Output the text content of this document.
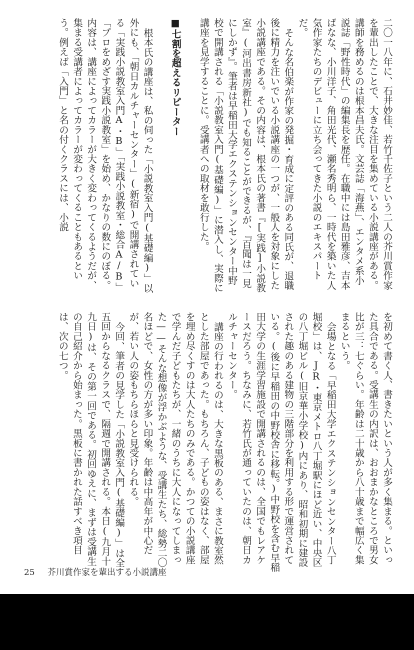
二〇一八年に、石井妙佳、若竹千佐子という二人の芥川賞作家を輩出したことで、大きな注目を集めている小説講座がある。講師を務めるのは根本昌夫氏。文芸誌「海燕」、エンタメ系小説誌「野性時代」の編集長を歴任。在職中には島田雅彦、吉本ばなな、小川洋子、角田光代、瀬名秀明ら、一時代を築いた人気作家たちのデビューに立ち会ってきた小説のエキスパートだ。

そんな名伯楽が作家の発掘・育成に定評のある同氏が、退職後に精力を注いでいる小説講座の一つが、一般人を対象にした小説講座である。その内容は、根本氏の著書『[実践]小説教室』(河出書房新社)でも知ることができるが、『百聞は一見にしかず』。筆者は早稲田大学エクステンションセンター中野校で開講される「小説教室入門(基礎編)」に潜入し、実際に講座を見学することに。受講者への取材を敢行した。

■七割を超えるリピーター

根本氏の講座は、私の伺った「小説教室入門(基礎編)」以外にも、「朝日カルチャーセンター」(新宿)で開講されている「実践小説教室入門A・B」「実践小説教室・総合A/B」「プロをめざす実践小説教室」を始め、かなりの数にのぼる。内容は、講座によってカラーが大きく変わってくるようだが、集まる受講者によってカラーが変わってくることもあるという。例えば「入門」と名の付くクラスには、小説

を初めて書く人、書きたいという人が多く集まる。といった具合である。受講生の内訳は、おおまかなところで男女比が三：七ぐらい。年齢は二十歳から八十歳まで幅広く集まるという。

会場となる「早稲田大学エクステンションセンター八丁堀校」は、JR・東京メトロ八丁堀駅にほど近い、中央区の八丁堀ビル(旧京華小学校)内にあり、昭和初期に建設された趣のある建物の三階部分を利用する形で運営されている。(後に早稲田の中野校舎に移転。)中野校を含む早稲田大学の生涯学習施設で開講されるのは、全国でもレアケースだろう。ちなみに、若竹氏が通っていたのは、朝日カルチャーセンター。

講座の行われるのは、大きな黒板のある、まさに教室然とした部屋であった。もちろん、子どもの姿はなく、部屋を埋め尽くすのは大人たちのみである。かつての小説講座で学んだ子どもたちが、一緒のうちに大人になってしまった——そんな想像が浮かぶような、受講生たち、総勢二〇名ほどで、女性の方が多い印象。年齢は中高年が中心だが、若い人の姿もちらほらと見受けられる。

今回、筆者の見学した「小説教室入門(基礎編)」は全五回からなるクラスで、隔週で開講される。本日(九月十九日)は、その第一回である。初回ゆえに、まずは受講生の自己紹介から始まった。黒板に書かれた話すべき項目は、次の七つ。

25 芥川賞作家を輩出する小説講座
